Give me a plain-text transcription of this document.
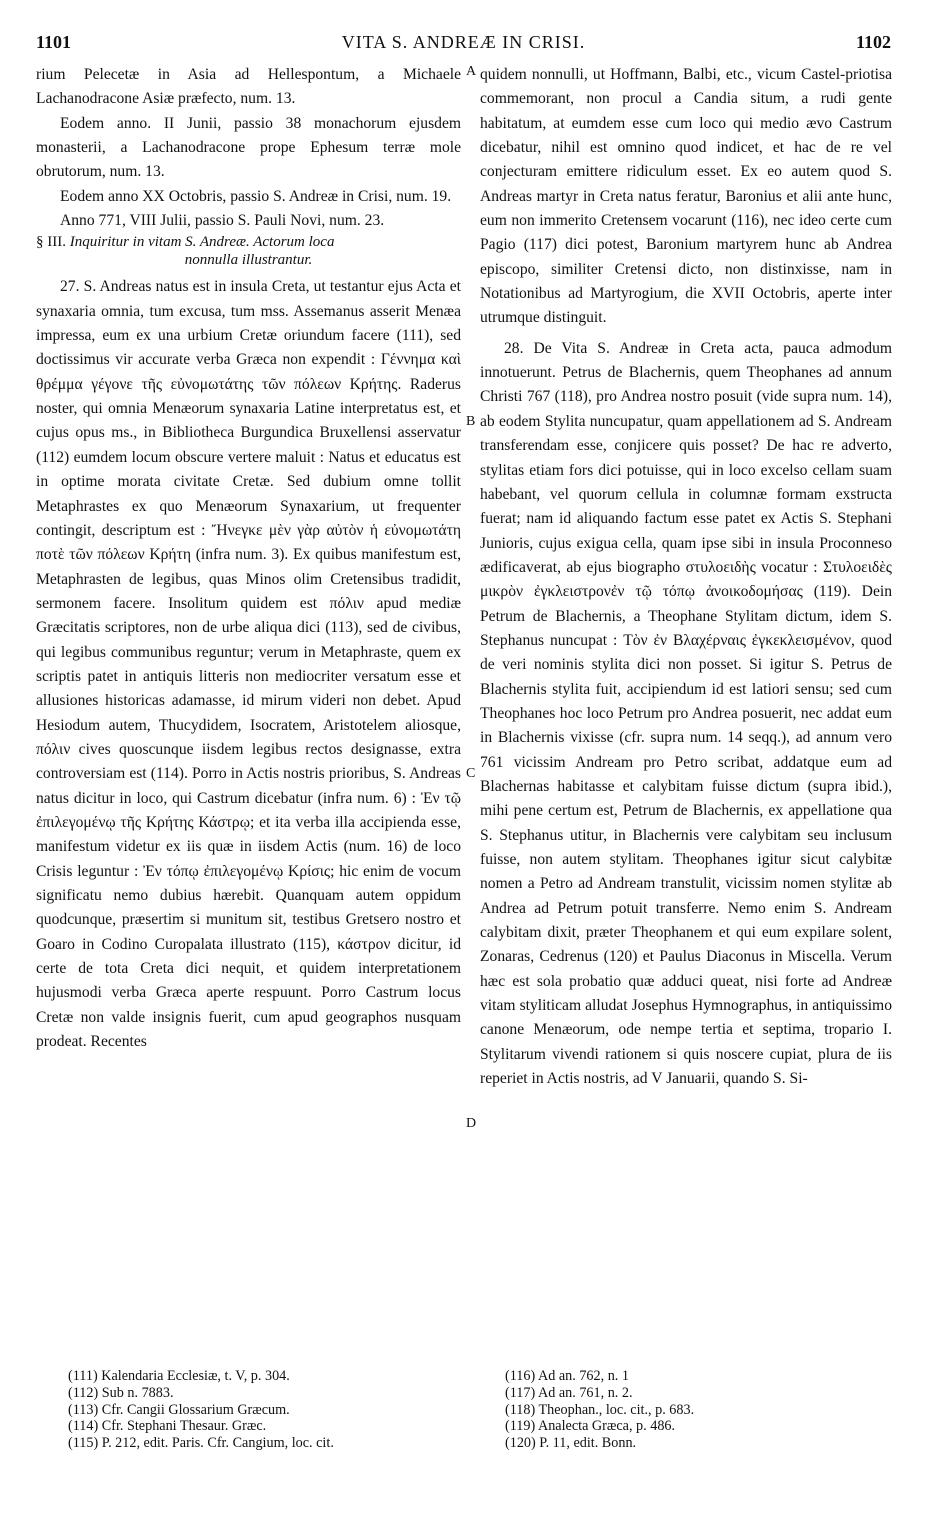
1101	VITA S. ANDREÆ IN CRISI.	1102

rium Pelecetæ in Asia ad Hellespontum, a Michaele Lachanodracone Asiæ præfecto, num. 13.

Eodem anno. II Junii, passio 38 monachorum ejusdem monasterii, a Lachanodracone prope Ephesum terræ mole obrutorum, num. 13.

Eodem anno XX Octobris, passio S. Andreæ in Crisi, num. 19.

Anno 771, VIII Julii, passio S. Pauli Novi, num. 23.

§ III. Inquiritur in vitam S. Andreæ. Actorum loca
nonnulla illustrantur.

27. S. Andreas natus est in insula Creta, ut testantur ejus Acta et synaxaria omnia, tum excusa, tum mss. Assemanus asserit Menæa impressa, eum ex una urbium Cretæ oriundum facere (111), sed doctissimus vir accurate verba Græca non expendit : Γέννημα καὶ θρέμμα γέγονε τῆς εὐνομωτάτης τῶν πόλεων Κρήτης. Raderus noster, qui omnia Menæorum synaxaria Latine interpretatus est, et cujus opus ms., in Bibliotheca Burgundica Bruxellensi asservatur (112) eumdem locum obscure vertere maluit : Natus et educatus est in optime morata civitate Cretæ. Sed dubium omne tollit Metaphrastes ex quo Menæorum Synaxarium, ut frequenter contingit, descriptum est : Ἤνεγκε μὲν γὰρ αὐτὸν ἡ εὐνομωτάτη ποτὲ τῶν πόλεων Κρήτη (infra num. 3). Ex quibus manifestum est, Metaphrasten de legibus, quas Minos olim Cretensibus tradidit, sermonem facere. Insolitum quidem est πόλιν apud mediæ Græcitatis scriptores, non de urbe aliqua dici (113), sed de civibus, qui legibus communibus reguntur; verum in Metaphraste, quem ex scriptis patet in antiquis litteris non mediocriter versatum esse et allusiones historicas adamasse, id mirum videri non debet. Apud Hesiodum autem, Thucydidem, Isocratem, Aristotelem aliosque, πόλιν cives quoscunque iisdem legibus rectos designasse, extra controversiam est (114). Porro in Actis nostris prioribus, S. Andreas natus dicitur in loco, qui Castrum dicebatur (infra num. 6) : Ἐν τῷ ἐπιλεγομένῳ τῆς Κρήτης Κάστρῳ; et ita verba illa accipienda esse, manifestum videtur ex iis quæ in iisdem Actis (num. 16) de loco Crisis leguntur : Ἐν τόπῳ ἐπιλεγομένῳ Κρίσις; hic enim de vocum significatu nemo dubius hærebit. Quanquam autem oppidum quodcunque, præsertim si munitum sit, testibus Gretsero nostro et Goaro in Codino Curopalata illustrato (115), κάστρον dicitur, id certe de tota Creta dici nequit, et quidem interpretationem hujusmodi verba Græca aperte respuunt. Porro Castrum locus Cretæ non valde insignis fuerit, cum apud geographos nusquam prodeat. Recentes

A
B
C
D

quidem nonnulli, ut Hoffmann, Balbi, etc., vicum Castel-priotisa commemorant, non procul a Candia situm, a rudi gente habitatum, at eumdem esse cum loco qui medio ævo Castrum dicebatur, nihil est omnino quod indicet, et hac de re vel conjecturam emittere ridiculum esset. Ex eo autem quod S. Andreas martyr in Creta natus feratur, Baronius et alii ante hunc, eum non immerito Cretensem vocarunt (116), nec ideo certe cum Pagio (117) dici potest, Baronium martyrem hunc ab Andrea episcopo, similiter Cretensi dicto, non distinxisse, nam in Notationibus ad Martyrogium, die XVII Octobris, aperte inter utrumque distinguit.

28. De Vita S. Andreæ in Creta acta, pauca admodum innotuerunt. Petrus de Blachernis, quem Theophanes ad annum Christi 767 (118), pro Andrea nostro posuit (vide supra num. 14), ab eodem Stylita nuncupatur, quam appellationem ad S. Andream transferendam esse, conjicere quis posset? De hac re adverto, stylitas etiam fors dici potuisse, qui in loco excelso cellam suam habebant, vel quorum cellula in columnæ formam exstructa fuerat; nam id aliquando factum esse patet ex Actis S. Stephani Junioris, cujus exigua cella, quam ipse sibi in insula Proconneso ædificaverat, ab ejus biographo στυλοειδὴς vocatur : Στυλοειδὲς μικρὸν ἐγκλειστρονἐν τῷ τόπῳ ἀνοικοδομήσας (119). Dein Petrum de Blachernis, a Theophane Stylitam dictum, idem S. Stephanus nuncupat : Τὸν ἐν Βλαχέρναις ἐγκεκλεισμένον, quod de veri nominis stylita dici non posset. Si igitur S. Petrus de Blachernis stylita fuit, accipiendum id est latiori sensu; sed cum Theophanes hoc loco Petrum pro Andrea posuerit, nec addat eum in Blachernis vixisse (cfr. supra num. 14 seqq.), ad annum vero 761 vicissim Andream pro Petro scribat, addatque eum ad Blachernas habitasse et calybitam fuisse dictum (supra ibid.), mihi pene certum est, Petrum de Blachernis, ex appellatione qua S. Stephanus utitur, in Blachernis vere calybitam seu inclusum fuisse, non autem stylitam. Theophanes igitur sicut calybitæ nomen a Petro ad Andream transtulit, vicissim nomen stylitæ ab Andrea ad Petrum potuit transferre. Nemo enim S. Andream calybitam dixit, præter Theophanem et qui eum expilare solent, Zonaras, Cedrenus (120) et Paulus Diaconus in Miscella. Verum hæc est sola probatio quæ adduci queat, nisi forte ad Andreæ vitam styliticam alludat Josephus Hymnographus, in antiquissimo canone Menæorum, ode nempe tertia et septima, tropario I. Stylitarum vivendi rationem si quis noscere cupiat, plura de iis reperiet in Actis nostris, ad V Januarii, quando S. Si-

(111) Kalendaria Ecclesiæ, t. V, p. 304.
(112) Sub n. 7883.
(113) Cfr. Cangii Glossarium Græcum.
(114) Cfr. Stephani Thesaur. Græc.
(115) P. 212, edit. Paris. Cfr. Cangium, loc. cit.
(116) Ad an. 762, n. 1
(117) Ad an. 761, n. 2.
(118) Theophan., loc. cit., p. 683.
(119) Analecta Græca, p. 486.
(120) P. 11, edit. Bonn.
